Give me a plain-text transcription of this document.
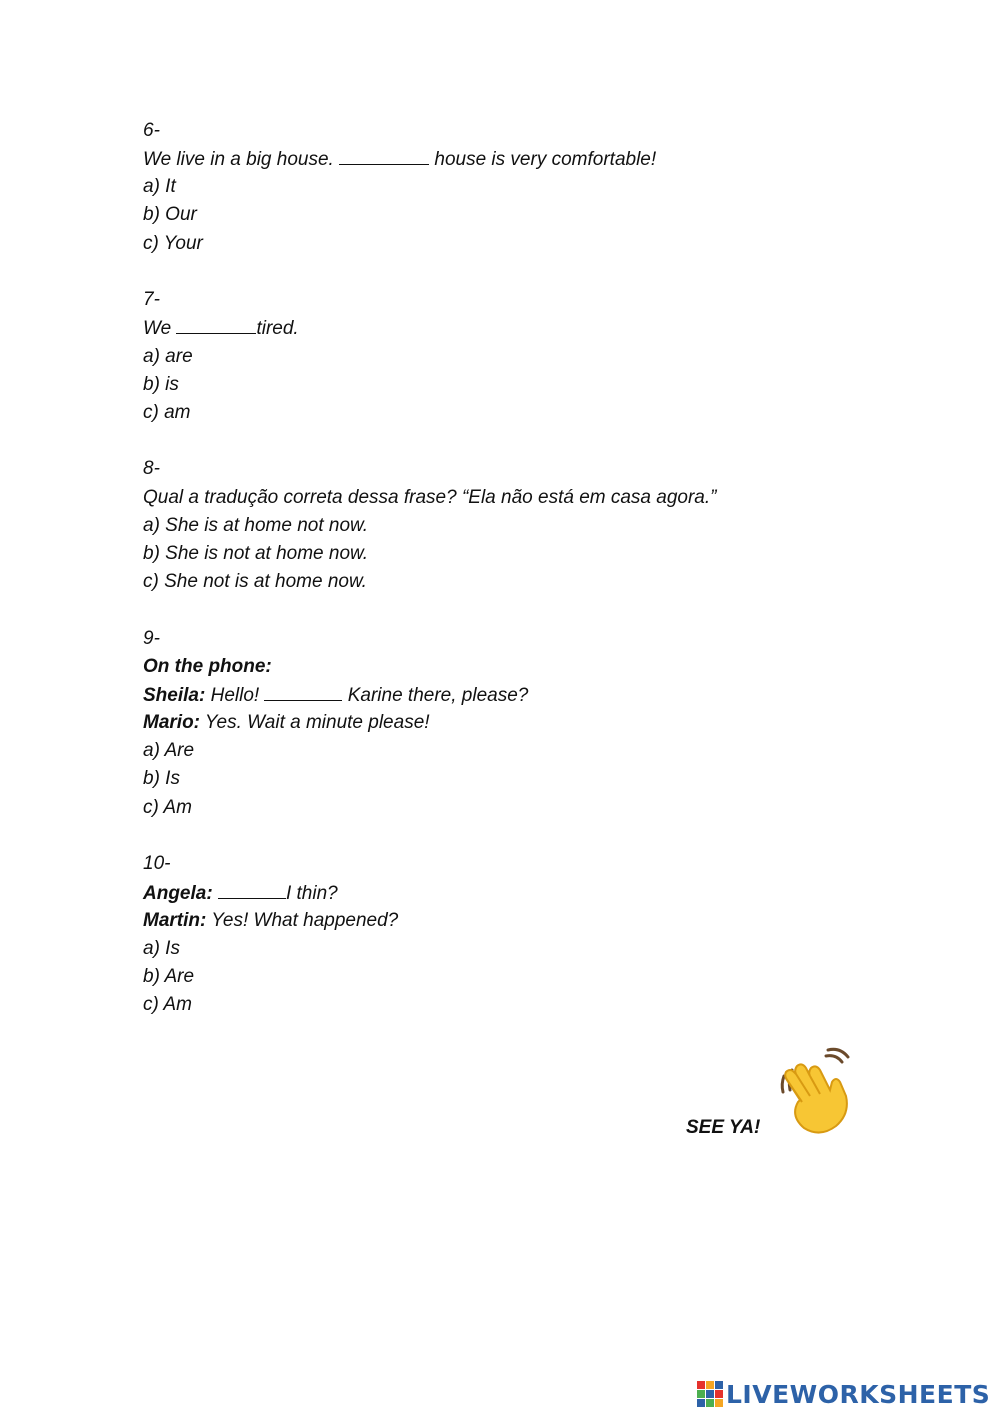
6-
We live in a big house.	house is very comfortable!
a) It
b) Our
c) Your
7-
We	tired.
a) are
b) is
c) am
8-
Qual a tradução correta dessa frase? “Ela não está em casa agora.”
a) She is at home not now.
b) She is not at home now.
c) She not is at home now.
9-
On the phone:
Sheila: Hello!	Karine there, please?
Mario: Yes. Wait a minute please!
a) Are
b) Is
c) Am
10-
Angela:	I thin?
Martin: Yes! What happened?
a) Is
b) Are
c) Am
SEE YA!
LIVEWORKSHEETS
